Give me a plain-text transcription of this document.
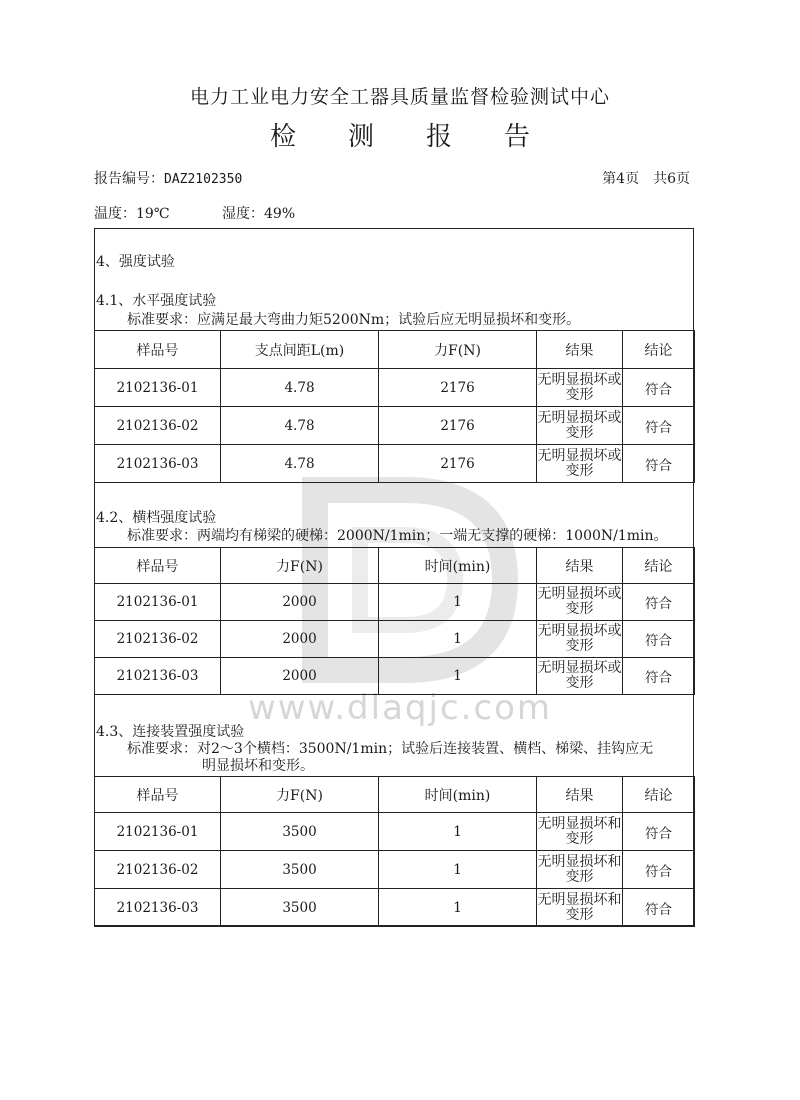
www.dlaqjc.com
电力工业电力安全工器具质量监督检验测试中心
检测报告
报告编号：DAZ2102350	第4页　共6页
温度：19℃	湿度：49%
4、强度试验
4.1、水平强度试验
标准要求：应满足最大弯曲力矩5200Nm；试验后应无明显损坏和变形。
样品号	支点间距L(m)	力F(N)	结果	结论
2102136-01	4.78	2176	无明显损坏或变形	符合
2102136-02	4.78	2176	无明显损坏或变形	符合
2102136-03	4.78	2176	无明显损坏或变形	符合
4.2、横档强度试验
标准要求：两端均有梯梁的硬梯：2000N/1min；一端无支撑的硬梯：1000N/1min。
样品号	力F(N)	时间(min)	结果	结论
2102136-01	2000	1	无明显损坏或变形	符合
2102136-02	2000	1	无明显损坏或变形	符合
2102136-03	2000	1	无明显损坏或变形	符合
4.3、连接装置强度试验
标准要求：对2～3个横档：3500N/1min；试验后连接装置、横档、梯梁、挂钩应无
明显损坏和变形。
样品号	力F(N)	时间(min)	结果	结论
2102136-01	3500	1	无明显损坏和变形	符合
2102136-02	3500	1	无明显损坏和变形	符合
2102136-03	3500	1	无明显损坏和变形	符合
